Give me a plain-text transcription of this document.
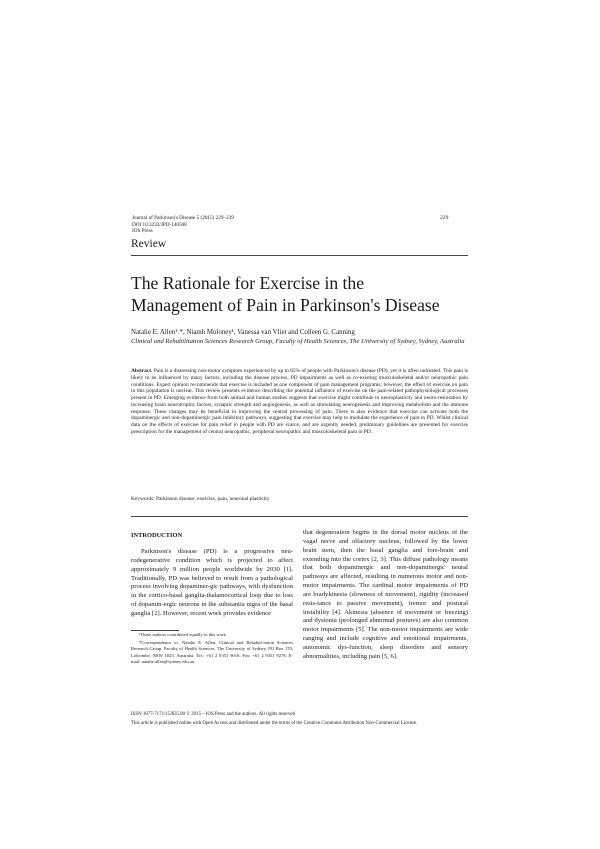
Journal of Parkinson's Disease 5 (2015) 229–239
DOI 10.3233/JPD-140508
IOS Press
229
Review
The Rationale for Exercise in the
Management of Pain in Parkinson's Disease
Natalie E. Allen¹˒*, Niamh Moloney¹, Vanessa van Vliet and Colleen G. Canning
Clinical and Rehabilitation Sciences Research Group, Faculty of Health Sciences, The University of Sydney, Sydney, Australia
Abstract. Pain is a distressing non-motor symptom experienced by up to 85% of people with Parkinson's disease (PD), yet it is often untreated. This pain is likely to be influenced by many factors, including the disease process, PD impairments as well as co-existing musculoskeletal and/or neuropathic pain conditions. Expert opinion recommends that exercise is included as one component of pain management programs; however, the effect of exercise on pain in this population is unclear. This review presents evidence describing the potential influence of exercise on the pain-related pathophysiological processes present in PD. Emerging evidence from both animal and human studies suggests that exercise might contribute to neuroplasticity and neuro-restoration by increasing brain neurotrophic factors, synaptic strength and angiogenesis, as well as stimulating neurogenesis and improving metabolism and the immune response. These changes may be beneficial in improving the central processing of pain. There is also evidence that exercise can activate both the dopaminergic and non-dopaminergic pain inhibitory pathways, suggesting that exercise may help to modulate the experience of pain in PD. Whilst clinical data on the effects of exercise for pain relief in people with PD are scarce, and are urgently needed, preliminary guidelines are presented for exercise prescription for the management of central neuropathic, peripheral neuropathic and musculoskeletal pain in PD.
Keywords: Parkinson disease, exercise, pain, neuronal plasticity
INTRODUCTION

Parkinson's disease (PD) is a progressive neu-rodegenerative condition which is projected to affect approximately 9 million people worldwide by 2030 [1]. Traditionally, PD was believed to result from a pathological process involving dopaminer-gic pathways, with dysfunction in the cortico-basal ganglia-thalamocortical loop due to loss of dopamin-ergic neurons in the substantia nigra of the basal ganglia [2]. However, recent work provides evidence

that degeneration begins in the dorsal motor nucleus of the vagal nerve and olfactory nucleus, followed by the lower brain stem, then the basal ganglia and fore-brain and extending into the cortex [2, 3]. This diffuse pathology means that both dopaminergic and non-dopaminergic neural pathways are affected, resulting in numerous motor and non-motor impairments. The cardinal motor impairments of PD are bradykinesia (slowness of movement), rigidity (increased resis-tance to passive movement), tremor and postural instability [4]. Akinesia (absence of movement or freezing) and dystonia (prolonged abnormal postures) are also common motor impairments [5]. The non-motor impairments are wide ranging and include cognitive and emotional impairments, autonomic dys-function, sleep disorders and sensory abnormalities, including pain [5, 6].

¹These authors contributed equally to this work.
*Correspondence to: Natalie E. Allen, Clinical and Rehabili-tation Sciences Research Group, Faculty of Health Sciences, The University of Sydney, PO Box 170, Lidcombe, NSW 1825, Australia. Tel.: +61 2 9351 9016; Fax: +61 2 9351 9278; E-mail: natalie.allen@sydney.edu.au.
ISSN 1877-7171/15/$35.00 © 2015 – IOS Press and the authors. All rights reserved
This article is published online with Open Access and distributed under the terms of the Creative Commons Attribution Non-Commercial License.
